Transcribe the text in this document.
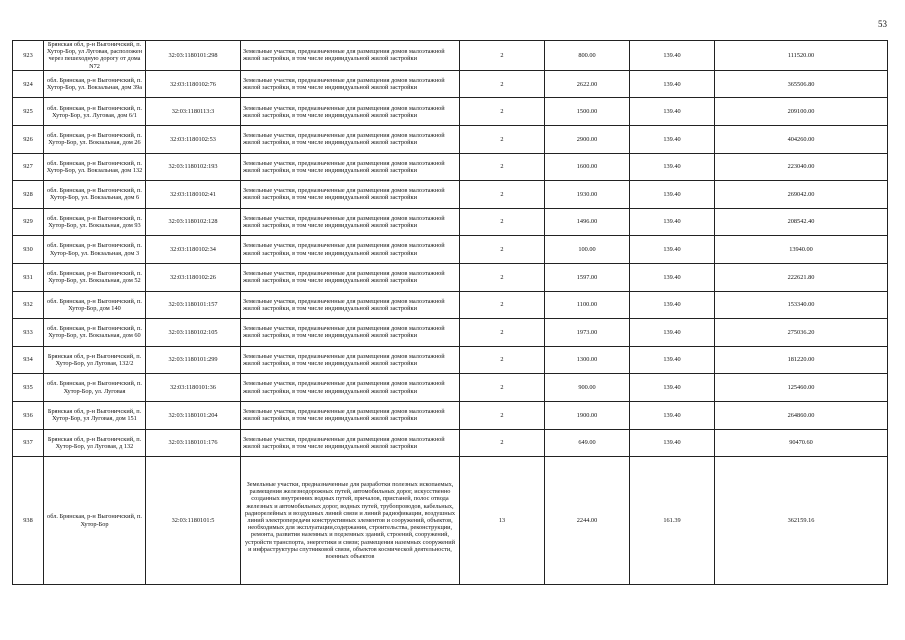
53
923	Брянская обл, р-н Выгоничский, п. Хутор-Бор, ул Луговая, расположен через пешеходную дорогу от дома N72	32:03:1180101:298	Земельные участки, предназначенные для размещения домов малоэтажной жилой застройки, в том числе индивидуальной жилой застройки	2	800.00	139.40	111520.00
924	обл. Брянская, р-н Выгоничский, п. Хутор-Бор, ул. Вокзальная, дом 39а	32:03:1180102:76	Земельные участки, предназначенные для размещения домов малоэтажной жилой застройки, в том числе индивидуальной жилой застройки	2	2622.00	139.40	365506.80
925	обл. Брянская, р-н Выгоничский, п. Хутор-Бор, ул. Луговая, дом 6/1	32:03:1180113:3	Земельные участки, предназначенные для размещения домов малоэтажной жилой застройки, в том числе индивидуальной жилой застройки	2	1500.00	139.40	209100.00
926	обл. Брянская, р-н Выгоничский, п. Хутор-Бор, ул. Вокзальная, дом 26	32:03:1180102:53	Земельные участки, предназначенные для размещения домов малоэтажной жилой застройки, в том числе индивидуальной жилой застройки	2	2900.00	139.40	404260.00
927	обл. Брянская, р-н Выгоничский, п. Хутор-Бор, ул. Вокзальная, дом 132	32:03:1180102:193	Земельные участки, предназначенные для размещения домов малоэтажной жилой застройки, в том числе индивидуальной жилой застройки	2	1600.00	139.40	223040.00
928	обл. Брянская, р-н Выгоничский, п. Хутор-Бор, ул. Вокзальная, дом 6	32:03:1180102:41	Земельные участки, предназначенные для размещения домов малоэтажной жилой застройки, в том числе индивидуальной жилой застройки	2	1930.00	139.40	269042.00
929	обл. Брянская, р-н Выгоничский, п. Хутор-Бор, ул. Вокзальная, дом 93	32:03:1180102:128	Земельные участки, предназначенные для размещения домов малоэтажной жилой застройки, в том числе индивидуальной жилой застройки	2	1496.00	139.40	208542.40
930	обл. Брянская, р-н Выгоничский, п. Хутор-Бор, ул. Вокзальная, дом 3	32:03:1180102:34	Земельные участки, предназначенные для размещения домов малоэтажной жилой застройки, в том числе индивидуальной жилой застройки	2	100.00	139.40	13940.00
931	обл. Брянская, р-н Выгоничский, п. Хутор-Бор, ул. Вокзальная, дом 52	32:03:1180102:26	Земельные участки, предназначенные для размещения домов малоэтажной жилой застройки, в том числе индивидуальной жилой застройки	2	1597.00	139.40	222621.80
932	обл. Брянская, р-н Выгоничский, п. Хутор-Бор, дом 140	32:03:1180101:157	Земельные участки, предназначенные для размещения домов малоэтажной жилой застройки, в том числе индивидуальной жилой застройки	2	1100.00	139.40	153340.00
933	обл. Брянская, р-н Выгоничский, п. Хутор-Бор, ул. Вокзальная, дом 60	32:03:1180102:105	Земельные участки, предназначенные для размещения домов малоэтажной жилой застройки, в том числе индивидуальной жилой застройки	2	1973.00	139.40	275036.20
934	Брянская обл, р-н Выгоничский, п. Хутор-Бор, ул Луговая, 132/2	32:03:1180101:299	Земельные участки, предназначенные для размещения домов малоэтажной жилой застройки, в том числе индивидуальной жилой застройки	2	1300.00	139.40	181220.00
935	обл. Брянская, р-н Выгоничский, п. Хутор-Бор, ул. Луговая	32:03:1180101:36	Земельные участки, предназначенные для размещения домов малоэтажной жилой застройки, в том числе индивидуальной жилой застройки	2	900.00	139.40	125460.00
936	Брянская обл, р-н Выгоничский, п. Хутор-Бор, ул Луговая, дом 151	32:03:1180101:204	Земельные участки, предназначенные для размещения домов малоэтажной жилой застройки, в том числе индивидуальной жилой застройки	2	1900.00	139.40	264860.00
937	Брянская обл, р-н Выгоничский, п. Хутор-Бор, ул Луговая, д 132	32:03:1180101:176	Земельные участки, предназначенные для размещения домов малоэтажной жилой застройки, в том числе индивидуальной жилой застройки	2	649.00	139.40	90470.60
938	обл. Брянская, р-н Выгоничский, п. Хутор-Бор	32:03:1180101:5	Земельные участки, предназначенные для разработки полезных ископаемых, размещения железнодорожных путей, автомобильных дорог, искусственно созданных внутренних водных путей, причалов, пристаней, полос отвода железных и автомобильных дорог, водных путей, трубопроводов, кабельных, радиорелейных и воздушных линий связи и линий радиофикации, воздушных линий электропередачи конструктивных элементов и сооружений, объектов, необходимых для эксплуатации,содержания, строительства, реконструкции, ремонта, развития наземных и подземных зданий, строений, сооружений, устройств транспорта, энергетики и связи; размещения наземных сооружений и инфраструктуры спутниковой связи, объектов космической деятельности, военных объектов	13	2244.00	161.39	362159.16
